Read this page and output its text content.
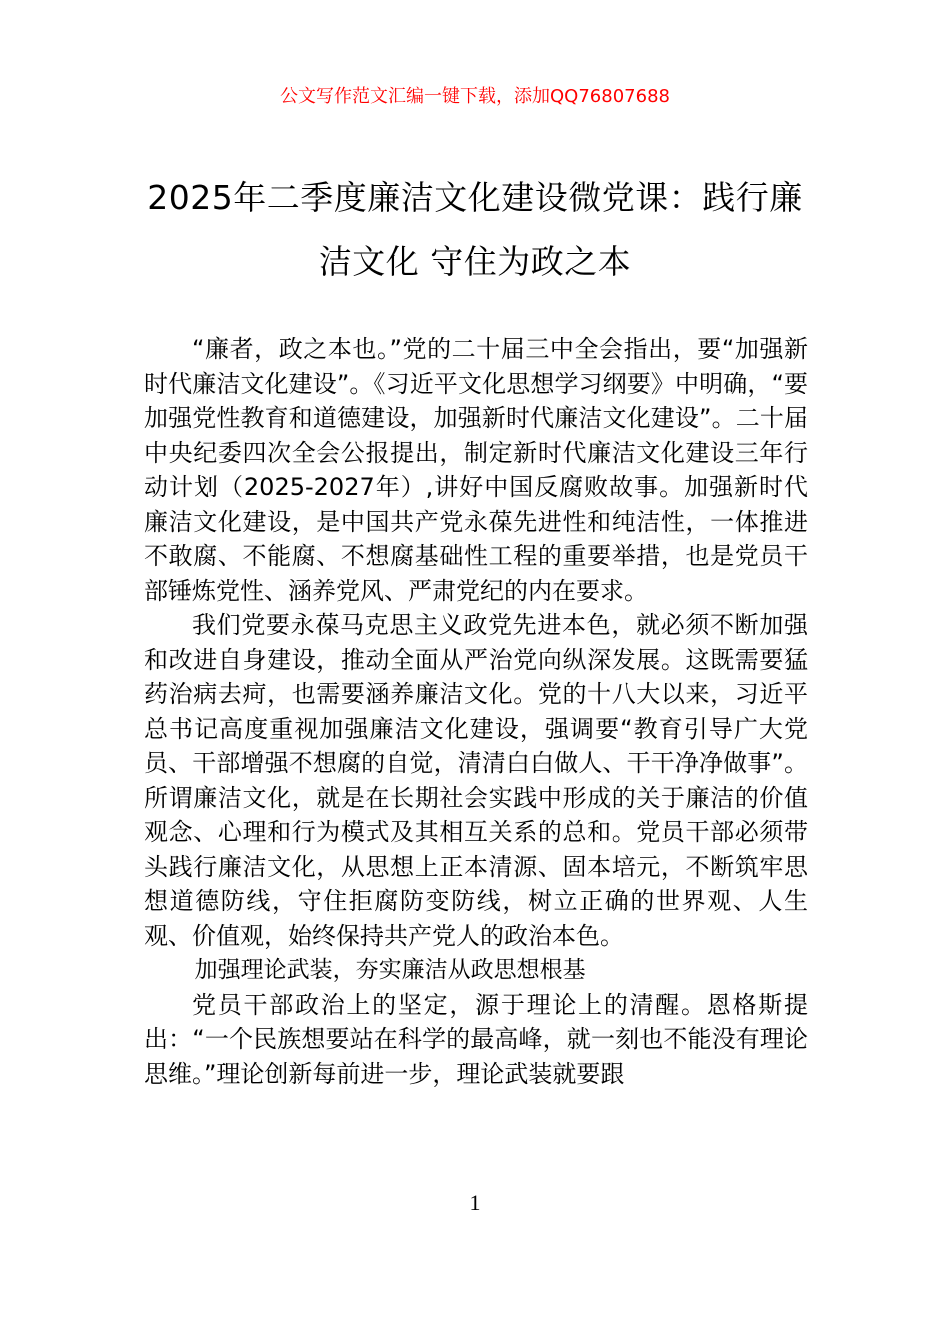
公文写作范文汇编一键下载，添加QQ76807688
2025年二季度廉洁文化建设微党课：践行廉洁文化 守住为政之本

“廉者，政之本也。”党的二十届三中全会指出，要“加强新时代廉洁文化建设”。《习近平文化思想学习纲要》中明确，“要加强党性教育和道德建设，加强新时代廉洁文化建设”。二十届中央纪委四次全会公报提出，制定新时代廉洁文化建设三年行动计划（2025-2027年）,讲好中国反腐败故事。加强新时代廉洁文化建设，是中国共产党永葆先进性和纯洁性，一体推进不敢腐、不能腐、不想腐基础性工程的重要举措，也是党员干部锤炼党性、涵养党风、严肃党纪的内在要求。

我们党要永葆马克思主义政党先进本色，就必须不断加强和改进自身建设，推动全面从严治党向纵深发展。这既需要猛药治病去疴，也需要涵养廉洁文化。党的十八大以来，习近平总书记高度重视加强廉洁文化建设，强调要“教育引导广大党员、干部增强不想腐的自觉，清清白白做人、干干净净做事”。所谓廉洁文化，就是在长期社会实践中形成的关于廉洁的价值观念、心理和行为模式及其相互关系的总和。党员干部必须带头践行廉洁文化，从思想上正本清源、固本培元，不断筑牢思想道德防线，守住拒腐防变防线，树立正确的世界观、人生观、价值观，始终保持共产党人的政治本色。

加强理论武装，夯实廉洁从政思想根基

党员干部政治上的坚定，源于理论上的清醒。恩格斯提出：“一个民族想要站在科学的最高峰，就一刻也不能没有理论思维。”理论创新每前进一步，理论武装就要跟

1
